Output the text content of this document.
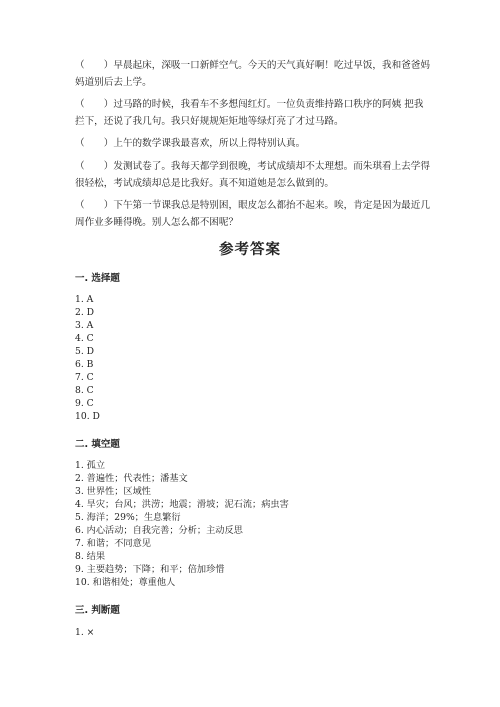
（　　）早晨起床，深吸一口新鲜空气。今天的天气真好啊！吃过早饭，我和爸爸妈妈道别后去上学。

（　　）过马路的时候，我看车不多想闯红灯。一位负责维持路口秩序的阿姨 把我拦下，还说了我几句。我只好规规矩矩地等绿灯亮了才过马路。

（　　）上午的数学课我最喜欢，所以上得特别认真。

（　　）发测试卷了。我每天都学到很晚，考试成绩却不太理想。而朱琪看上去学得很轻松，考试成绩却总是比我好。真不知道她是怎么做到的。

（　　）下午第一节课我总是特别困，眼皮怎么都抬不起来。唉，肯定是因为最近几周作业多睡得晚。别人怎么都不困呢？

参考答案
一. 选择题
1. A
2. D
3. A
4. C
5. D
6. B
7. C
8. C
9. C
10. D
二. 填空题
1. 孤立
2. 普遍性；代表性；潘基文
3. 世界性；区域性
4. 旱灾；台风；洪涝；地震；滑坡；泥石流；病虫害
5. 海洋；29%；生息繁衍
6. 内心活动；自我完善；分析；主动反思
7. 和谐；不同意见
8. 结果
9. 主要趋势；下降；和平；倍加珍惜
10. 和谐相处；尊重他人
三. 判断题
1. ×
